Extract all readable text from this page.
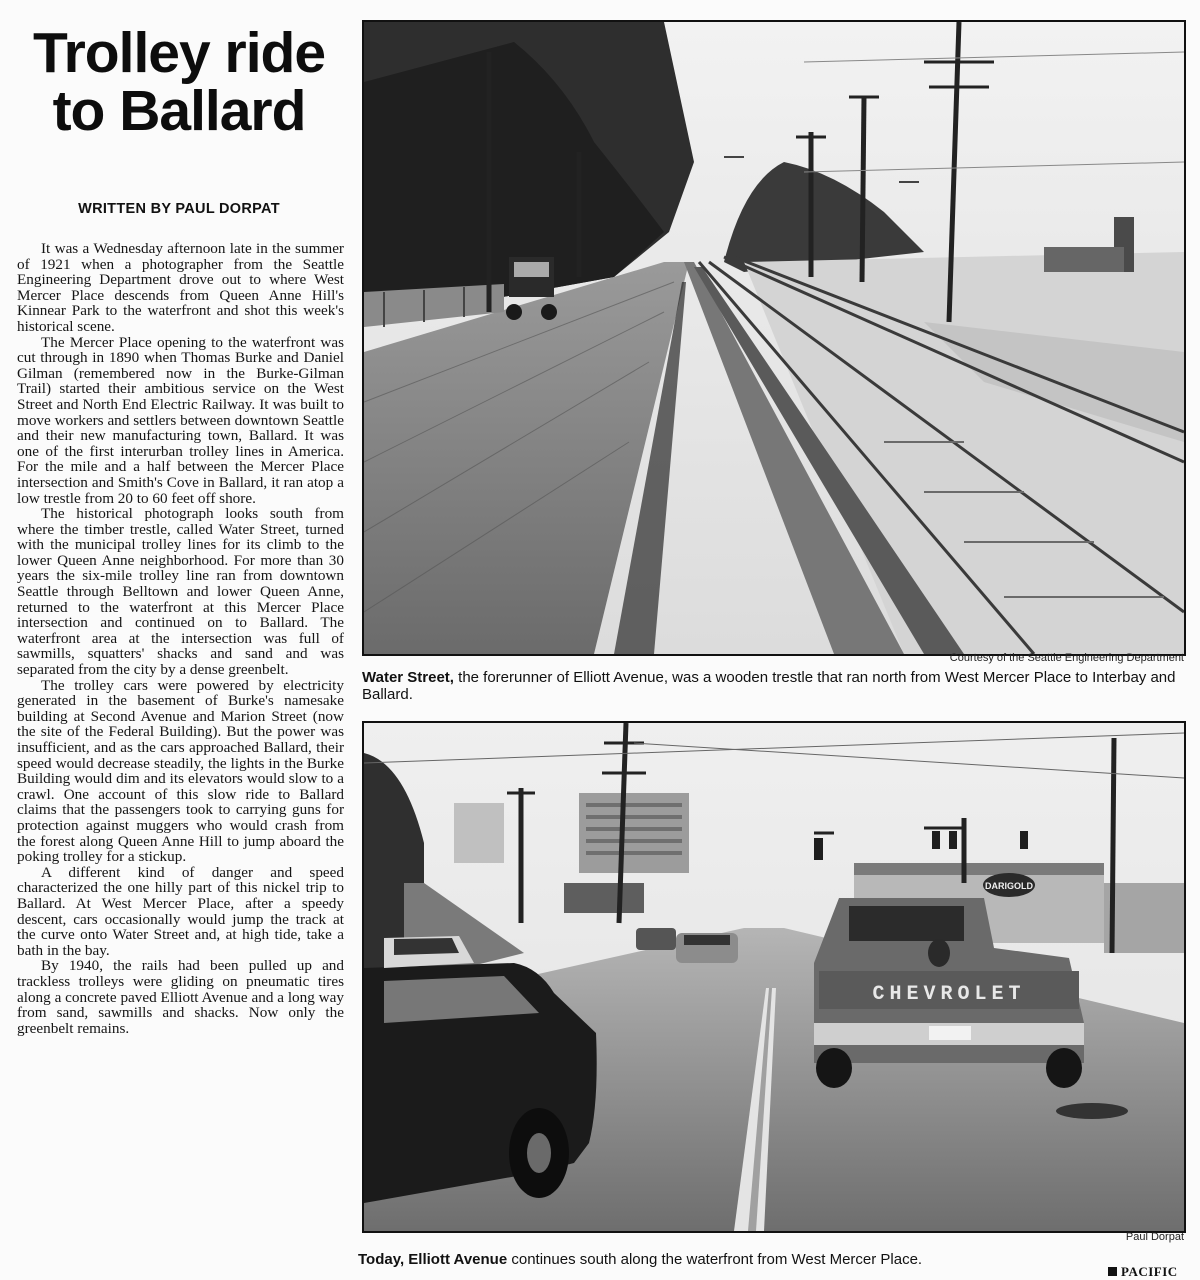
Trolley ride
to Ballard
WRITTEN BY PAUL DORPAT

It was a Wednesday afternoon late in the summer of 1921 when a photographer from the Seattle Engineering Department drove out to where West Mercer Place descends from Queen Anne Hill's Kinnear Park to the waterfront and shot this week's historical scene.

The Mercer Place opening to the waterfront was cut through in 1890 when Thomas Burke and Daniel Gilman (remembered now in the Burke-Gilman Trail) started their ambitious service on the West Street and North End Electric Railway. It was built to move workers and settlers between downtown Seattle and their new manufacturing town, Ballard. It was one of the first interurban trolley lines in America. For the mile and a half between the Mercer Place intersection and Smith's Cove in Ballard, it ran atop a low trestle from 20 to 60 feet off shore.

The historical photograph looks south from where the timber trestle, called Water Street, turned with the municipal trolley lines for its climb to the lower Queen Anne neighborhood. For more than 30 years the six-mile trolley line ran from downtown Seattle through Belltown and lower Queen Anne, returned to the waterfront at this Mercer Place intersection and continued on to Ballard. The waterfront area at the intersection was full of sawmills, squatters' shacks and sand and was separated from the city by a dense greenbelt.

The trolley cars were powered by electricity generated in the basement of Burke's namesake building at Second Avenue and Marion Street (now the site of the Federal Building). But the power was insufficient, and as the cars approached Ballard, their speed would decrease steadily, the lights in the Burke Building would dim and its elevators would slow to a crawl. One account of this slow ride to Ballard claims that the passengers took to carrying guns for protection against muggers who would crash from the forest along Queen Anne Hill to jump aboard the poking trolley for a stickup.

A different kind of danger and speed characterized the one hilly part of this nickel trip to Ballard. At West Mercer Place, after a speedy descent, cars occasionally would jump the track at the curve onto Water Street and, at high tide, take a bath in the bay.

By 1940, the rails had been pulled up and trackless trolleys were gliding on pneumatic tires along a concrete paved Elliott Avenue and a long way from sand, sawmills and shacks. Now only the greenbelt remains.

Courtesy of the Seattle Engineering Department
Water Street, the forerunner of Elliott Avenue, was a wooden trestle that ran north from West Mercer Place to Interbay and Ballard.
DARIGOLD
CHEVROLET
Paul Dorpat
Today, Elliott Avenue continues south along the waterfront from West Mercer Place.
PACIFIC
